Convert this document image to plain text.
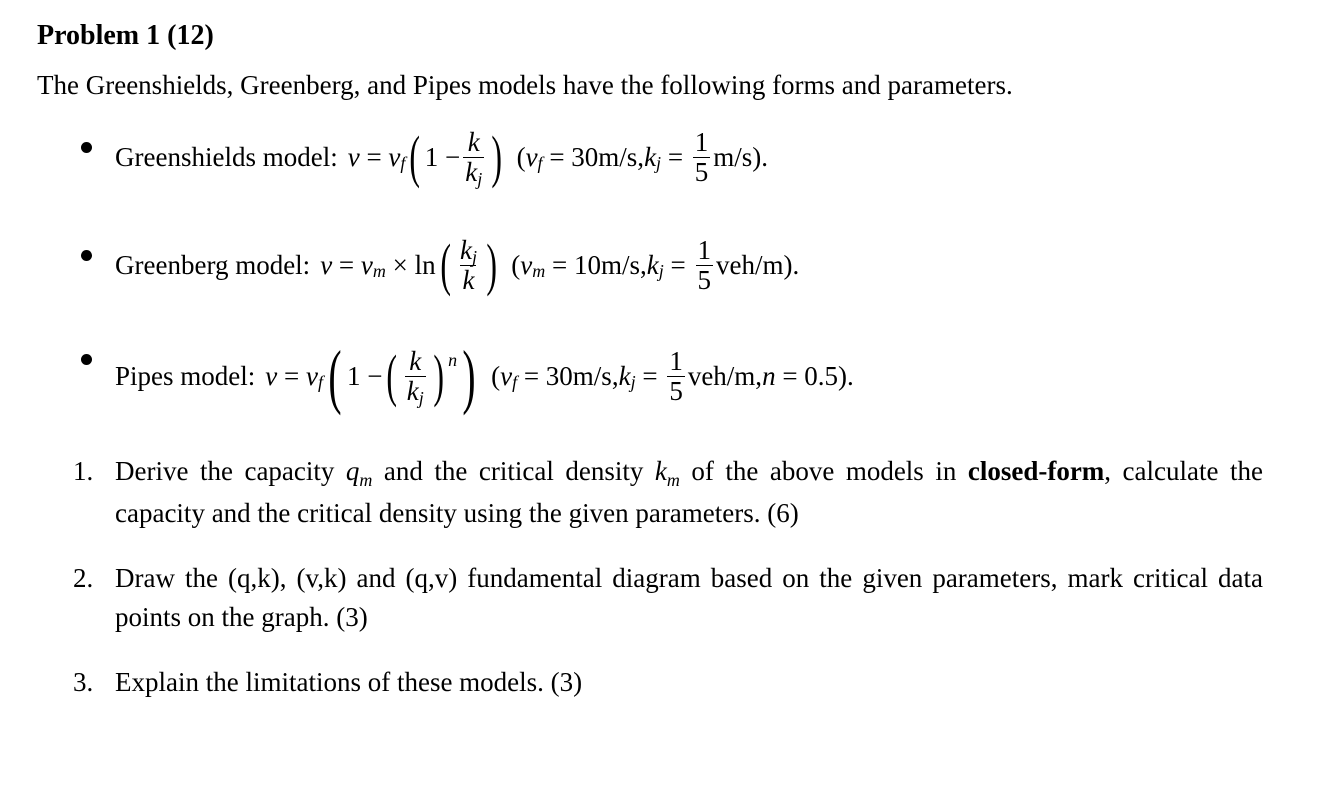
Problem 1 (12)
The Greenshields, Greenberg, and Pipes models have the following forms and parameters.
Greenshields model: v = v f ( $1 - \frac{k}{kj}$ ) ( v f
= 30m/s, k $j = \frac{1}{5} m/s$).
Greenberg model: v = v m × ln ( $\frac{kj}{k}$ ) ( v m
= 10m/s, k $j = \frac{1}{5} veh/m$).
Pipes model: v = v f ( 1 − ( $\frac{k}{kj}$ ) n ) ( v f
= 30m/s, k $j = \frac{1}{5} veh/m$, n
= 0.5).
1. Derive the capacity $q_m$ and the critical density $k_m$ of the above models in closed-form, calculate the capacity and the critical density using the given parameters. (6)
2. Draw the (q,k), (v,k) and (q,v) fundamental diagram based on the given parameters, mark critical data points on the graph. (3)
3. Explain the limitations of these models. (3)
